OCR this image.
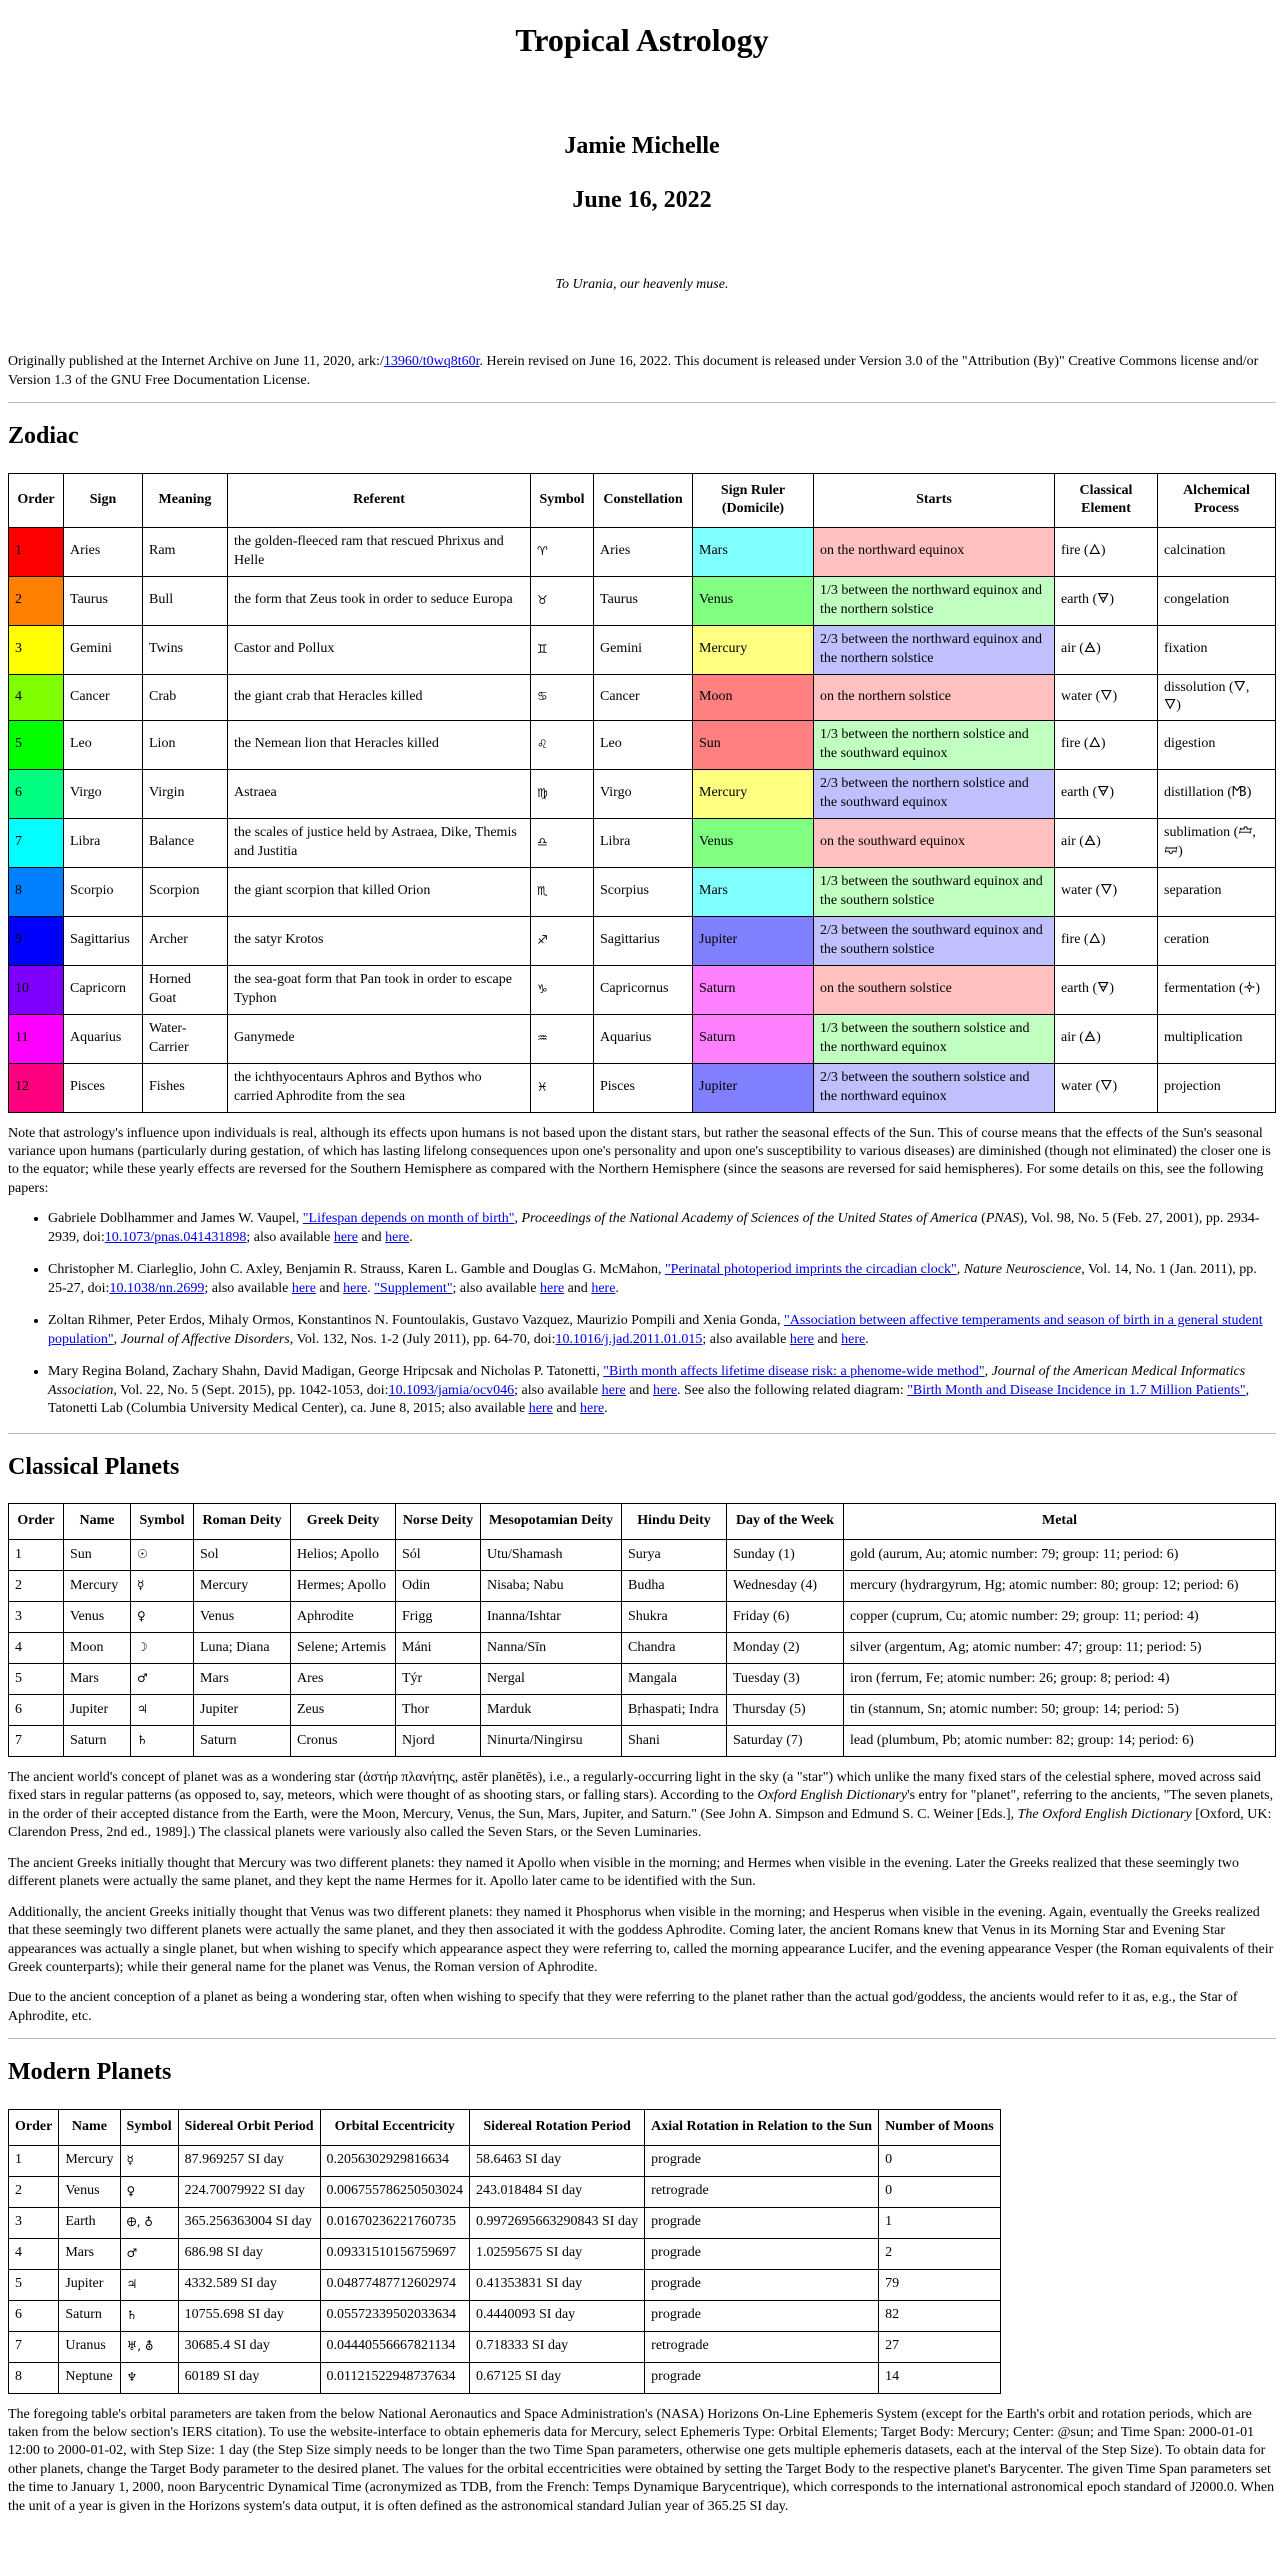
Tropical Astrology
Jamie Michelle
June 16, 2022
To Urania, our heavenly muse.

Originally published at the Internet Archive on June 11, 2020, ark:/13960/t0wq8t60r. Herein revised on June 16, 2022. This document is released under Version 3.0 of the "Attribution (By)" Creative Commons license and/or Version 1.3 of the GNU Free Documentation License.

Zodiac
Order	Sign	Meaning	Referent	Symbol	Constellation	Sign Ruler (Domicile)	Starts	Classical Element	Alchemical Process
1	Aries	Ram	the golden-fleeced ram that rescued Phrixus and Helle	♈	Aries	Mars	on the northward equinox	fire (🜂)	calcination
2	Taurus	Bull	the form that Zeus took in order to seduce Europa	♉	Taurus	Venus	1/3 between the northward equinox and the northern solstice	earth (🜃)	congelation
3	Gemini	Twins	Castor and Pollux	♊	Gemini	Mercury	2/3 between the northward equinox and the northern solstice	air (🜁)	fixation
4	Cancer	Crab	the giant crab that Heracles killed	♋	Cancer	Moon	on the northern solstice	water (🜄)	dissolution (🜄, 🜄)
5	Leo	Lion	the Nemean lion that Heracles killed	♌	Leo	Sun	1/3 between the northern solstice and the southward equinox	fire (🜂)	digestion
6	Virgo	Virgin	Astraea	♍	Virgo	Mercury	2/3 between the northern solstice and the southward equinox	earth (🜃)	distillation (🝫)
7	Libra	Balance	the scales of justice held by Astraea, Dike, Themis and Justitia	♎	Libra	Venus	on the southward equinox	air (🜁)	sublimation (🝞, 🝟)
8	Scorpio	Scorpion	the giant scorpion that killed Orion	♏	Scorpius	Mars	1/3 between the southward equinox and the southern solstice	water (🜄)	separation
9	Sagittarius	Archer	the satyr Krotos	♐	Sagittarius	Jupiter	2/3 between the southward equinox and the southern solstice	fire (🜂)	ceration
10	Capricorn	Horned Goat	the sea-goat form that Pan took in order to escape Typhon	♑	Capricornus	Saturn	on the southern solstice	earth (🜃)	fermentation (🝊)
11	Aquarius	Water-Carrier	Ganymede	♒	Aquarius	Saturn	1/3 between the southern solstice and the northward equinox	air (🜁)	multiplication
12	Pisces	Fishes	the ichthyocentaurs Aphros and Bythos who carried Aphrodite from the sea	♓	Pisces	Jupiter	2/3 between the southern solstice and the northward equinox	water (🜄)	projection

Note that astrology's influence upon individuals is real, although its effects upon humans is not based upon the distant stars, but rather the seasonal effects of the Sun. This of course means that the effects of the Sun's seasonal variance upon humans (particularly during gestation, of which has lasting lifelong consequences upon one's personality and upon one's susceptibility to various diseases) are diminished (though not eliminated) the closer one is to the equator; while these yearly effects are reversed for the Southern Hemisphere as compared with the Northern Hemisphere (since the seasons are reversed for said hemispheres). For some details on this, see the following papers:

• Gabriele Doblhammer and James W. Vaupel, "Lifespan depends on month of birth", Proceedings of the National Academy of Sciences of the United States of America (PNAS), Vol. 98, No. 5 (Feb. 27, 2001), pp. 2934-2939, doi:10.1073/pnas.041431898; also available here and here.
• Christopher M. Ciarleglio, John C. Axley, Benjamin R. Strauss, Karen L. Gamble and Douglas G. McMahon, "Perinatal photoperiod imprints the circadian clock", Nature Neuroscience, Vol. 14, No. 1 (Jan. 2011), pp. 25-27, doi:10.1038/nn.2699; also available here and here. "Supplement"; also available here and here.
• Zoltan Rihmer, Peter Erdos, Mihaly Ormos, Konstantinos N. Fountoulakis, Gustavo Vazquez, Maurizio Pompili and Xenia Gonda, "Association between affective temperaments and season of birth in a general student population", Journal of Affective Disorders, Vol. 132, Nos. 1-2 (July 2011), pp. 64-70, doi:10.1016/j.jad.2011.01.015; also available here and here.
• Mary Regina Boland, Zachary Shahn, David Madigan, George Hripcsak and Nicholas P. Tatonetti, "Birth month affects lifetime disease risk: a phenome-wide method", Journal of the American Medical Informatics Association, Vol. 22, No. 5 (Sept. 2015), pp. 1042-1053, doi:10.1093/jamia/ocv046; also available here and here. See also the following related diagram: "Birth Month and Disease Incidence in 1.7 Million Patients", Tatonetti Lab (Columbia University Medical Center), ca. June 8, 2015; also available here and here.
Classical Planets
Order	Name	Symbol	Roman Deity	Greek Deity	Norse Deity	Mesopotamian Deity	Hindu Deity	Day of the Week	Metal
1	Sun	☉	Sol	Helios; Apollo	Sól	Utu/Shamash	Surya	Sunday (1)	gold (aurum, Au; atomic number: 79; group: 11; period: 6)
2	Mercury	☿	Mercury	Hermes; Apollo	Odin	Nisaba; Nabu	Budha	Wednesday (4)	mercury (hydrargyrum, Hg; atomic number: 80; group: 12; period: 6)
3	Venus	♀	Venus	Aphrodite	Frigg	Inanna/Ishtar	Shukra	Friday (6)	copper (cuprum, Cu; atomic number: 29; group: 11; period: 4)
4	Moon	☽	Luna; Diana	Selene; Artemis	Máni	Nanna/Sīn	Chandra	Monday (2)	silver (argentum, Ag; atomic number: 47; group: 11; period: 5)
5	Mars	♂	Mars	Ares	Týr	Nergal	Mangala	Tuesday (3)	iron (ferrum, Fe; atomic number: 26; group: 8; period: 4)
6	Jupiter	♃	Jupiter	Zeus	Thor	Marduk	Bṛhaspati; Indra	Thursday (5)	tin (stannum, Sn; atomic number: 50; group: 14; period: 5)
7	Saturn	♄	Saturn	Cronus	Njord	Ninurta/Ningirsu	Shani	Saturday (7)	lead (plumbum, Pb; atomic number: 82; group: 14; period: 6)

The ancient world's concept of planet was as a wondering star (ἀστήρ πλανήτης, astēr planētēs), i.e., a regularly-occurring light in the sky (a "star") which unlike the many fixed stars of the celestial sphere, moved across said fixed stars in regular patterns (as opposed to, say, meteors, which were thought of as shooting stars, or falling stars). According to the Oxford English Dictionary's entry for "planet", referring to the ancients, "The seven planets, in the order of their accepted distance from the Earth, were the Moon, Mercury, Venus, the Sun, Mars, Jupiter, and Saturn." (See John A. Simpson and Edmund S. C. Weiner [Eds.], The Oxford English Dictionary [Oxford, UK: Clarendon Press, 2nd ed., 1989].) The classical planets were variously also called the Seven Stars, or the Seven Luminaries.

The ancient Greeks initially thought that Mercury was two different planets: they named it Apollo when visible in the morning; and Hermes when visible in the evening. Later the Greeks realized that these seemingly two different planets were actually the same planet, and they kept the name Hermes for it. Apollo later came to be identified with the Sun.

Additionally, the ancient Greeks initially thought that Venus was two different planets: they named it Phosphorus when visible in the morning; and Hesperus when visible in the evening. Again, eventually the Greeks realized that these seemingly two different planets were actually the same planet, and they then associated it with the goddess Aphrodite. Coming later, the ancient Romans knew that Venus in its Morning Star and Evening Star appearances was actually a single planet, but when wishing to specify which appearance aspect they were referring to, called the morning appearance Lucifer, and the evening appearance Vesper (the Roman equivalents of their Greek counterparts); while their general name for the planet was Venus, the Roman version of Aphrodite.

Due to the ancient conception of a planet as being a wondering star, often when wishing to specify that they were referring to the planet rather than the actual god/goddess, the ancients would refer to it as, e.g., the Star of Aphrodite, etc.

Modern Planets
Order	Name	Symbol	Sidereal Orbit Period	Orbital Eccentricity	Sidereal Rotation Period	Axial Rotation in Relation to the Sun	Number of Moons
1	Mercury	☿	87.969257 SI day	0.2056302929816634	58.6463 SI day	prograde	0
2	Venus	♀	224.70079922 SI day	0.006755786250503024	243.018484 SI day	retrograde	0
3	Earth	🜨, ♁	365.256363004 SI day	0.01670236221760735	0.9972695663290843 SI day	prograde	1
4	Mars	♂	686.98 SI day	0.09331510156759697	1.02595675 SI day	prograde	2
5	Jupiter	♃	4332.589 SI day	0.04877487712602974	0.41353831 SI day	prograde	79
6	Saturn	♄	10755.698 SI day	0.05572339502033634	0.4440093 SI day	prograde	82
7	Uranus	♅, ⛢	30685.4 SI day	0.04440556667821134	0.718333 SI day	retrograde	27
8	Neptune	♆	60189 SI day	0.01121522948737634	0.67125 SI day	prograde	14

The foregoing table's orbital parameters are taken from the below National Aeronautics and Space Administration's (NASA) Horizons On-Line Ephemeris System (except for the Earth's orbit and rotation periods, which are taken from the below section's IERS citation). To use the website-interface to obtain ephemeris data for Mercury, select Ephemeris Type: Orbital Elements; Target Body: Mercury; Center: @sun; and Time Span: 2000-01-01 12:00 to 2000-01-02, with Step Size: 1 day (the Step Size simply needs to be longer than the two Time Span parameters, otherwise one gets multiple ephemeris datasets, each at the interval of the Step Size). To obtain data for other planets, change the Target Body parameter to the desired planet. The values for the orbital eccentricities were obtained by setting the Target Body to the respective planet's Barycenter. The given Time Span parameters set the time to January 1, 2000, noon Barycentric Dynamical Time (acronymized as TDB, from the French: Temps Dynamique Barycentrique), which corresponds to the international astronomical epoch standard of J2000.0. When the unit of a year is given in the Horizons system's data output, it is often defined as the astronomical standard Julian year of 365.25 SI day.
